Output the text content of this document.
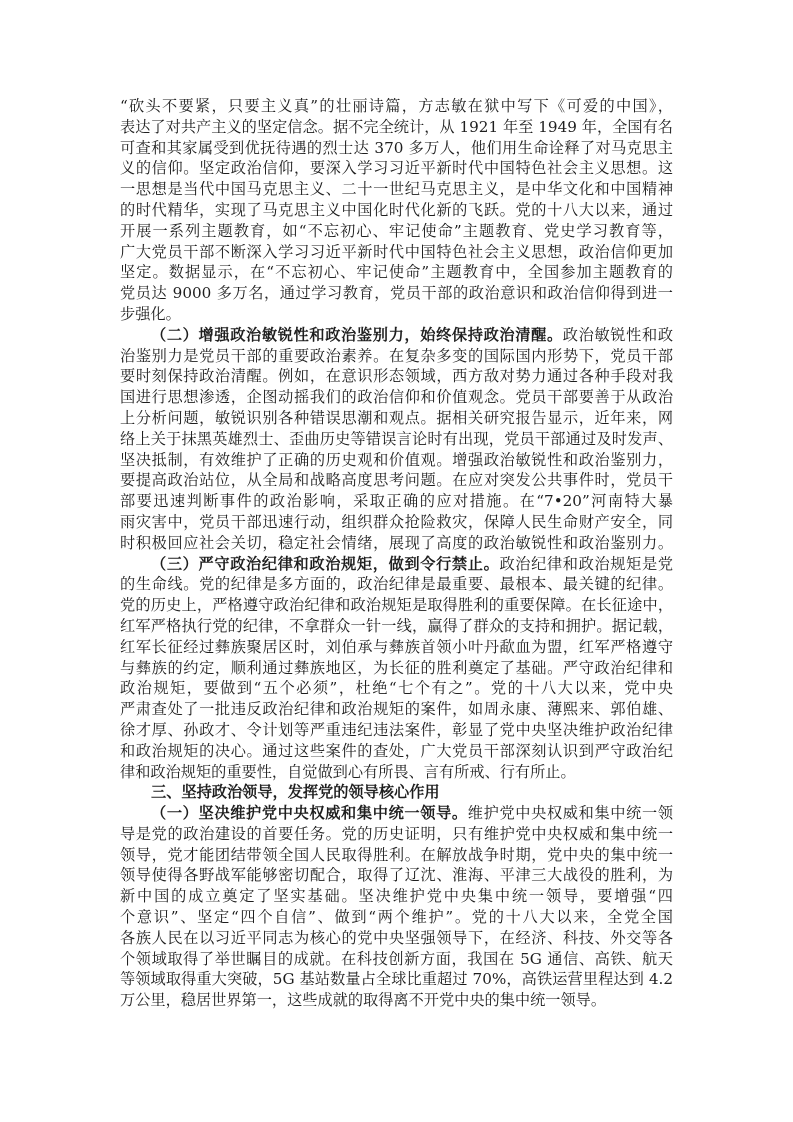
“砍头不要紧，只要主义真”的壮丽诗篇，方志敏在狱中写下《可爱的中国》，
表达了对共产主义的坚定信念。据不完全统计，从 1921 年至 1949 年，全国有名
可查和其家属受到优抚待遇的烈士达 370 多万人，他们用生命诠释了对马克思主
义的信仰。坚定政治信仰，要深入学习习近平新时代中国特色社会主义思想。这
一思想是当代中国马克思主义、二十一世纪马克思主义，是中华文化和中国精神
的时代精华，实现了马克思主义中国化时代化新的飞跃。党的十八大以来，通过
开展一系列主题教育，如“不忘初心、牢记使命”主题教育、党史学习教育等，
广大党员干部不断深入学习习近平新时代中国特色社会主义思想，政治信仰更加
坚定。数据显示，在“不忘初心、牢记使命”主题教育中，全国参加主题教育的
党员达 9000 多万名，通过学习教育，党员干部的政治意识和政治信仰得到进一
步强化。
（二）增强政治敏锐性和政治鉴别力，始终保持政治清醒。政治敏锐性和政
治鉴别力是党员干部的重要政治素养。在复杂多变的国际国内形势下，党员干部
要时刻保持政治清醒。例如，在意识形态领域，西方敌对势力通过各种手段对我
国进行思想渗透，企图动摇我们的政治信仰和价值观念。党员干部要善于从政治
上分析问题，敏锐识别各种错误思潮和观点。据相关研究报告显示，近年来，网
络上关于抹黑英雄烈士、歪曲历史等错误言论时有出现，党员干部通过及时发声、
坚决抵制，有效维护了正确的历史观和价值观。增强政治敏锐性和政治鉴别力，
要提高政治站位，从全局和战略高度思考问题。在应对突发公共事件时，党员干
部要迅速判断事件的政治影响，采取正确的应对措施。在“7•20”河南特大暴
雨灾害中，党员干部迅速行动，组织群众抢险救灾，保障人民生命财产安全，同
时积极回应社会关切，稳定社会情绪，展现了高度的政治敏锐性和政治鉴别力。
（三）严守政治纪律和政治规矩，做到令行禁止。政治纪律和政治规矩是党
的生命线。党的纪律是多方面的，政治纪律是最重要、最根本、最关键的纪律。
党的历史上，严格遵守政治纪律和政治规矩是取得胜利的重要保障。在长征途中，
红军严格执行党的纪律，不拿群众一针一线，赢得了群众的支持和拥护。据记载，
红军长征经过彝族聚居区时，刘伯承与彝族首领小叶丹歃血为盟，红军严格遵守
与彝族的约定，顺利通过彝族地区，为长征的胜利奠定了基础。严守政治纪律和
政治规矩，要做到“五个必须”，杜绝“七个有之”。党的十八大以来，党中央
严肃查处了一批违反政治纪律和政治规矩的案件，如周永康、薄熙来、郭伯雄、
徐才厚、孙政才、令计划等严重违纪违法案件，彰显了党中央坚决维护政治纪律
和政治规矩的决心。通过这些案件的查处，广大党员干部深刻认识到严守政治纪
律和政治规矩的重要性，自觉做到心有所畏、言有所戒、行有所止。
三、坚持政治领导，发挥党的领导核心作用
（一）坚决维护党中央权威和集中统一领导。维护党中央权威和集中统一领
导是党的政治建设的首要任务。党的历史证明，只有维护党中央权威和集中统一
领导，党才能团结带领全国人民取得胜利。在解放战争时期，党中央的集中统一
领导使得各野战军能够密切配合，取得了辽沈、淮海、平津三大战役的胜利，为
新中国的成立奠定了坚实基础。坚决维护党中央集中统一领导，要增强“四
个意识”、坚定“四个自信”、做到“两个维护”。党的十八大以来，全党全国
各族人民在以习近平同志为核心的党中央坚强领导下，在经济、科技、外交等各
个领域取得了举世瞩目的成就。在科技创新方面，我国在 5G 通信、高铁、航天
等领域取得重大突破，5G 基站数量占全球比重超过 70%，高铁运营里程达到 4.2
万公里，稳居世界第一，这些成就的取得离不开党中央的集中统一领导。
